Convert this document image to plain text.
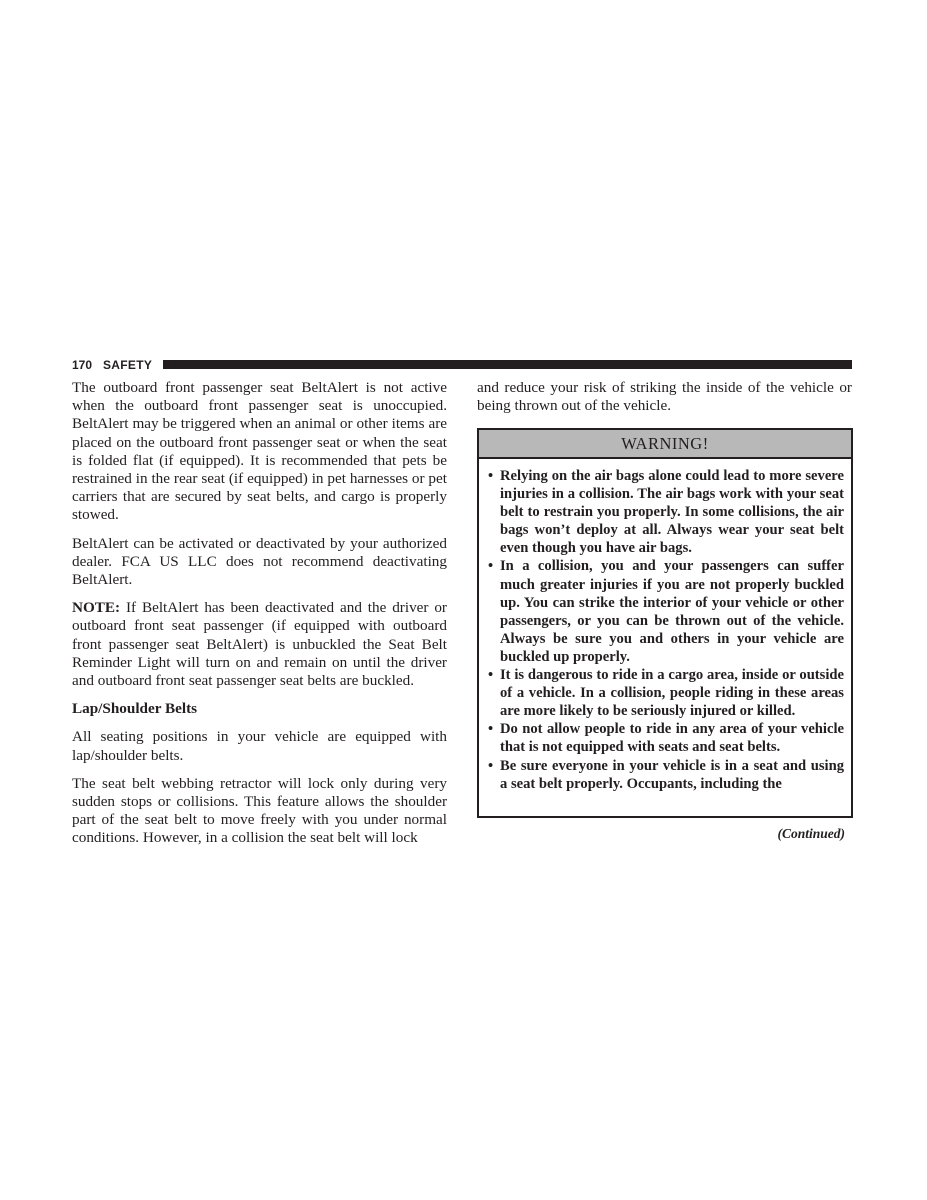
170 SAFETY

The outboard front passenger seat BeltAlert is not active when the outboard front passenger seat is unoccupied. BeltAlert may be triggered when an animal or other items are placed on the outboard front passenger seat or when the seat is folded flat (if equipped). It is recommended that pets be restrained in the rear seat (if equipped) in pet harnesses or pet carriers that are secured by seat belts, and cargo is properly stowed.

BeltAlert can be activated or deactivated by your authorized dealer. FCA US LLC does not recommend deactivating BeltAlert.

NOTE: If BeltAlert has been deactivated and the driver or outboard front seat passenger (if equipped with outboard front passenger seat BeltAlert) is unbuckled the Seat Belt Reminder Light will turn on and remain on until the driver and outboard front seat passenger seat belts are buckled.

Lap/Shoulder Belts

All seating positions in your vehicle are equipped with lap/shoulder belts.

The seat belt webbing retractor will lock only during very sudden stops or collisions. This feature allows the shoulder part of the seat belt to move freely with you under normal conditions. However, in a collision the seat belt will lock

and reduce your risk of striking the inside of the vehicle or being thrown out of the vehicle.

WARNING!
• Relying on the air bags alone could lead to more severe injuries in a collision. The air bags work with your seat belt to restrain you properly. In some collisions, the air bags won’t deploy at all. Always wear your seat belt even though you have air bags.
• In a collision, you and your passengers can suffer much greater injuries if you are not properly buckled up. You can strike the interior of your vehicle or other passengers, or you can be thrown out of the vehicle. Always be sure you and others in your vehicle are buckled up properly.
• It is dangerous to ride in a cargo area, inside or outside of a vehicle. In a collision, people riding in these areas are more likely to be seriously injured or killed.
• Do not allow people to ride in any area of your vehicle that is not equipped with seats and seat belts.
• Be sure everyone in your vehicle is in a seat and using a seat belt properly. Occupants, including the
(Continued)
